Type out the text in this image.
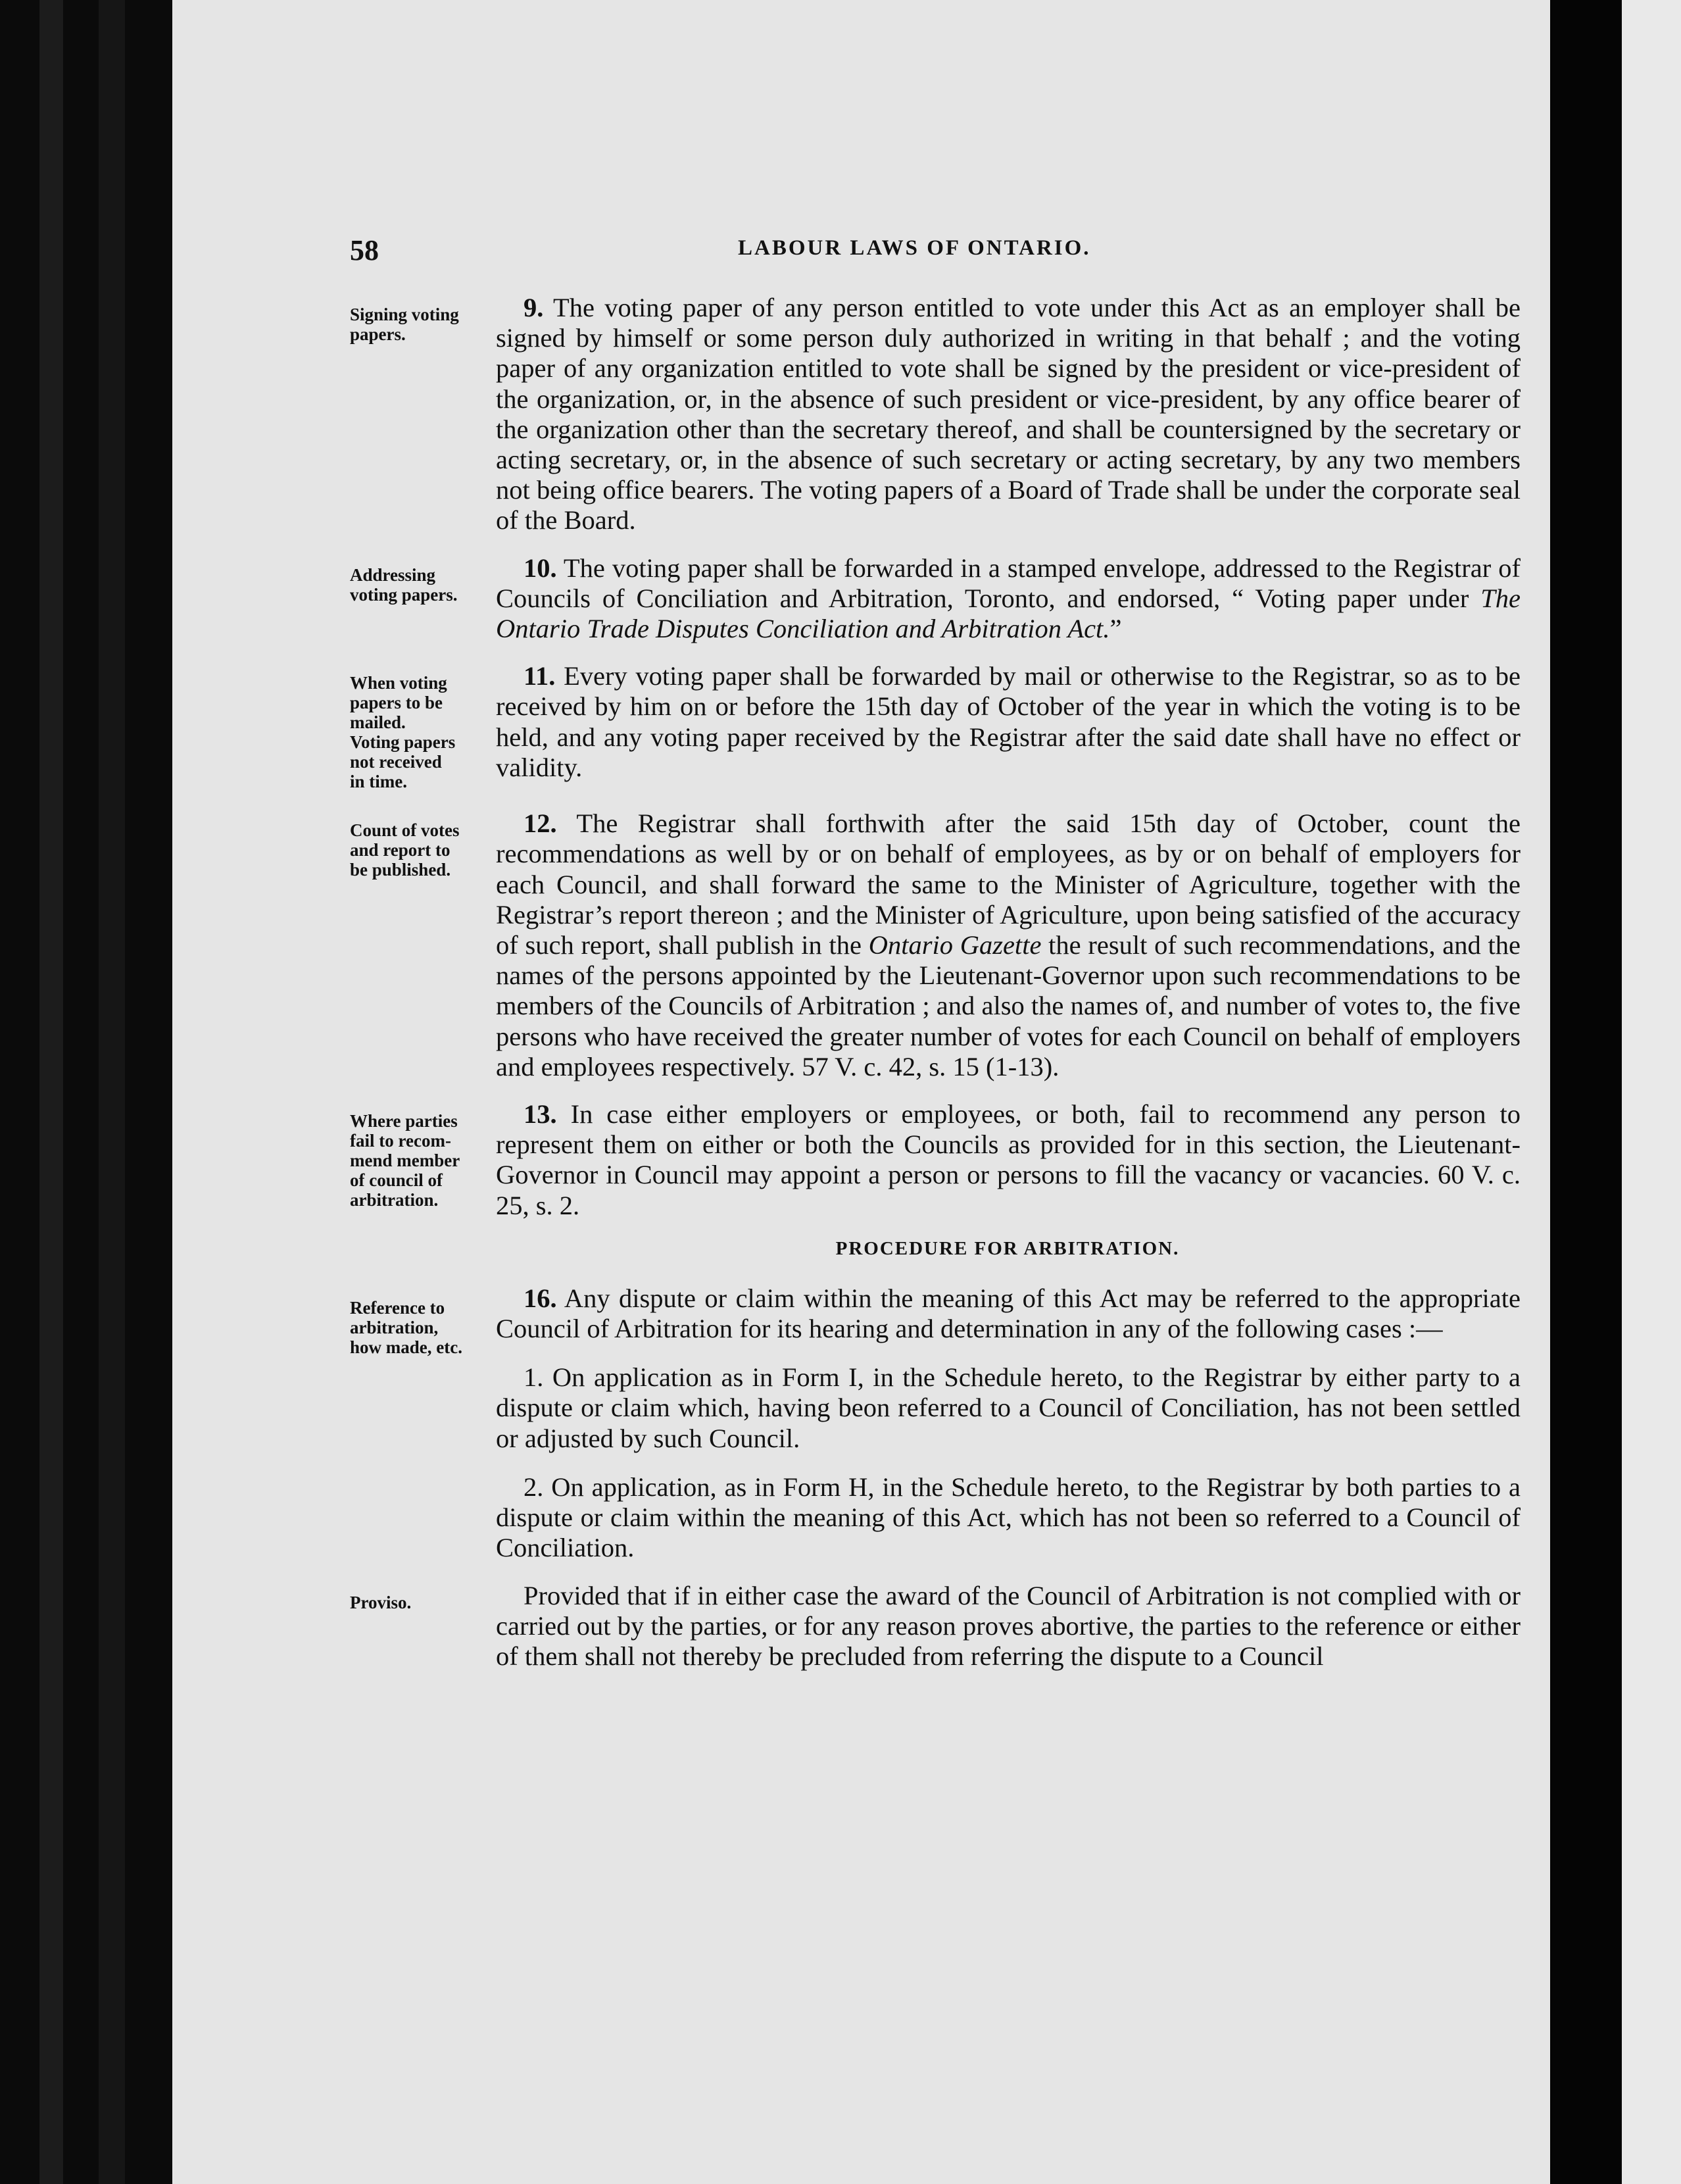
58	LABOUR LAWS OF ONTARIO.
Signing voting
papers.

9. The voting paper of any person entitled to vote under this Act as an employer shall be signed by himself or some person duly authorized in writing in that behalf ; and the voting paper of any organization entitled to vote shall be signed by the president or vice-president of the organization, or, in the absence of such president or vice-president, by any office bearer of the organization other than the secretary thereof, and shall be countersigned by the secretary or acting secretary, or, in the absence of such secretary or acting secretary, by any two members not being office bearers. The voting papers of a Board of Trade shall be under the corporate seal of the Board.

Addressing
voting papers.

10. The voting paper shall be forwarded in a stamped envelope, addressed to the Registrar of Councils of Conciliation and Arbitration, Toronto, and endorsed, “ Voting paper under The Ontario Trade Disputes Conciliation and Arbitration Act.”

When voting
papers to be
mailed.
Voting papers
not received
in time.

11. Every voting paper shall be forwarded by mail or otherwise to the Registrar, so as to be received by him on or before the 15th day of October of the year in which the voting is to be held, and any voting paper received by the Registrar after the said date shall have no effect or validity.

Count of votes
and report to
be published.

12. The Registrar shall forthwith after the said 15th day of October, count the recommendations as well by or on behalf of employees, as by or on behalf of employers for each Council, and shall forward the same to the Minister of Agriculture, together with the Registrar’s report thereon ; and the Minister of Agriculture, upon being satisfied of the accuracy of such report, shall publish in the Ontario Gazette the result of such recommendations, and the names of the persons appointed by the Lieutenant-Governor upon such recommendations to be members of the Councils of Arbitration ; and also the names of, and number of votes to, the five persons who have received the greater number of votes for each Council on behalf of employers and employees respectively. 57 V. c. 42, s. 15 (1-13).

Where parties
fail to recom-
mend member
of council of
arbitration.

13. In case either employers or employees, or both, fail to recommend any person to represent them on either or both the Councils as provided for in this section, the Lieutenant-Governor in Council may appoint a person or persons to fill the vacancy or vacancies. 60 V. c. 25, s. 2.

PROCEDURE FOR ARBITRATION.
Reference to
arbitration,
how made, etc.

16. Any dispute or claim within the meaning of this Act may be referred to the appropriate Council of Arbitration for its hearing and determination in any of the following cases :—

1. On application as in Form I, in the Schedule hereto, to the Registrar by either party to a dispute or claim which, having beon referred to a Council of Conciliation, has not been settled or adjusted by such Council.

2. On application, as in Form H, in the Schedule hereto, to the Registrar by both parties to a dispute or claim within the meaning of this Act, which has not been so referred to a Council of Conciliation.

Proviso.	Provided that if in either case the award of the Council of Arbitration is not complied with or carried out by the parties, or for any reason proves abortive, the parties to the reference or either of them shall not thereby be precluded from referring the dispute to a Council
